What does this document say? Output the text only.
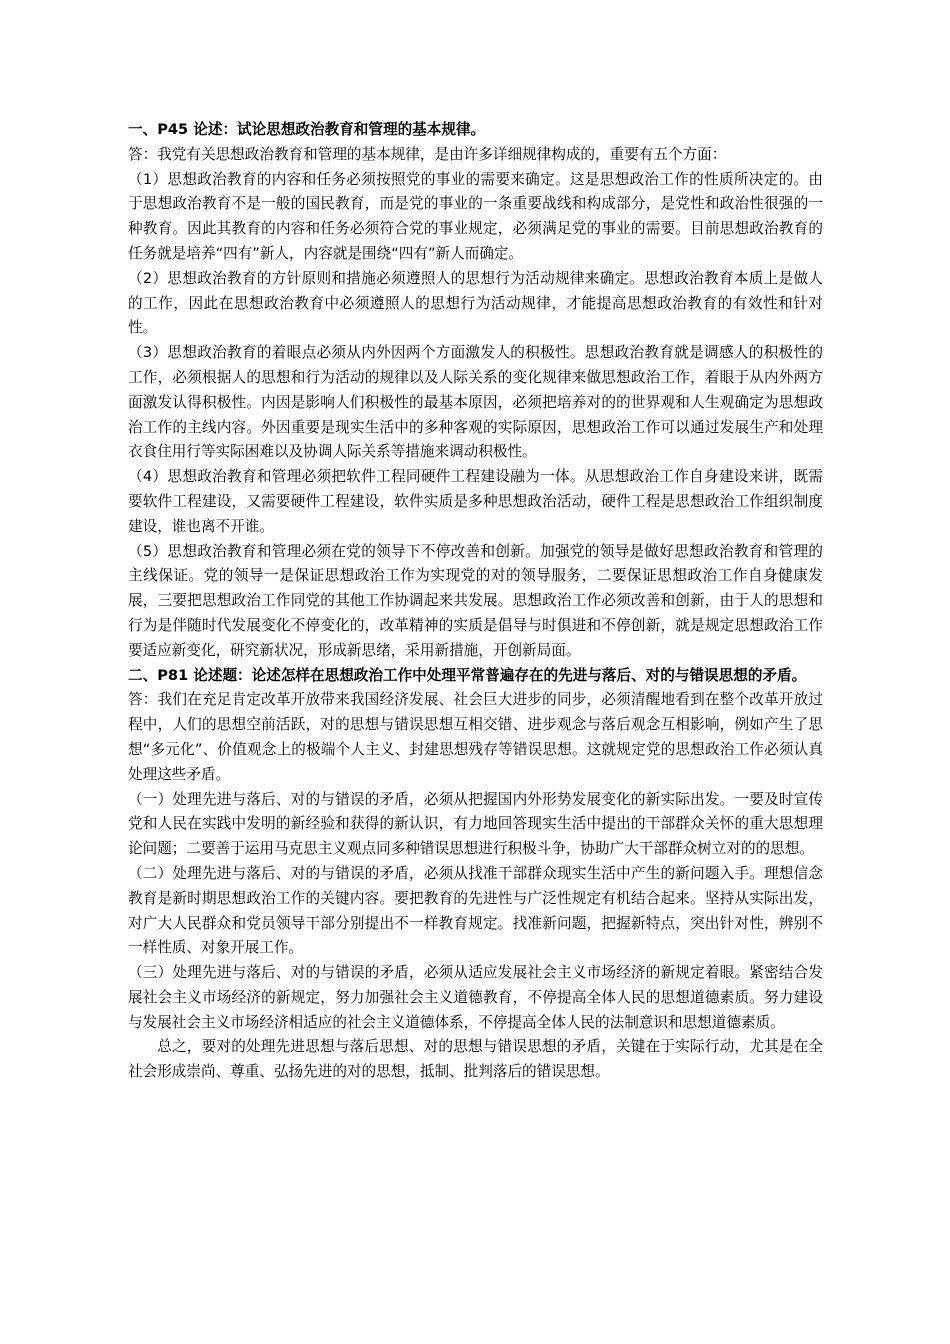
一、P45 论述：试论思想政治教育和管理的基本规律。

答：我党有关思想政治教育和管理的基本规律，是由许多详细规律构成的，重要有五个方面：

（1）思想政治教育的内容和任务必须按照党的事业的需要来确定。这是思想政治工作的性质所决定的。由于思想政治教育不是一般的国民教育，而是党的事业的一条重要战线和构成部分，是党性和政治性很强的一种教育。因此其教育的内容和任务必须符合党的事业规定，必须满足党的事业的需要。目前思想政治教育的任务就是培养“四有”新人，内容就是围绕“四有”新人而确定。

（2）思想政治教育的方针原则和措施必须遵照人的思想行为活动规律来确定。思想政治教育本质上是做人的工作，因此在思想政治教育中必须遵照人的思想行为活动规律，才能提高思想政治教育的有效性和针对性。

（3）思想政治教育的着眼点必须从内外因两个方面激发人的积极性。思想政治教育就是调感人的积极性的工作，必须根据人的思想和行为活动的规律以及人际关系的变化规律来做思想政治工作，着眼于从内外两方面激发认得积极性。内因是影响人们积极性的最基本原因，必须把培养对的的世界观和人生观确定为思想政治工作的主线内容。外因重要是现实生活中的多种客观的实际原因，思想政治工作可以通过发展生产和处理衣食住用行等实际困难以及协调人际关系等措施来调动积极性。

（4）思想政治教育和管理必须把软件工程同硬件工程建设融为一体。从思想政治工作自身建设来讲，既需要软件工程建设，又需要硬件工程建设，软件实质是多种思想政治活动，硬件工程是思想政治工作组织制度建设，谁也离不开谁。

（5）思想政治教育和管理必须在党的领导下不停改善和创新。加强党的领导是做好思想政治教育和管理的主线保证。党的领导一是保证思想政治工作为实现党的对的领导服务，二要保证思想政治工作自身健康发展，三要把思想政治工作同党的其他工作协调起来共发展。思想政治工作必须改善和创新，由于人的思想和行为是伴随时代发展变化不停变化的，改革精神的实质是倡导与时俱进和不停创新，就是规定思想政治工作要适应新变化，研究新状况，形成新思绪，采用新措施，开创新局面。

二、P81 论述题：论述怎样在思想政治工作中处理平常普遍存在的先进与落后、对的与错误思想的矛盾。

答：我们在充足肯定改革开放带来我国经济发展、社会巨大进步的同步，必须清醒地看到在整个改革开放过程中，人们的思想空前活跃，对的思想与错误思想互相交错、进步观念与落后观念互相影响，例如产生了思想“多元化”、价值观念上的极端个人主义、封建思想残存等错误思想。这就规定党的思想政治工作必须认真处理这些矛盾。

（一）处理先进与落后、对的与错误的矛盾，必须从把握国内外形势发展变化的新实际出发。一要及时宣传党和人民在实践中发明的新经验和获得的新认识，有力地回答现实生活中提出的干部群众关怀的重大思想理论问题；二要善于运用马克思主义观点同多种错误思想进行积极斗争，协助广大干部群众树立对的的思想。

（二）处理先进与落后、对的与错误的矛盾，必须从找准干部群众现实生活中产生的新问题入手。理想信念教育是新时期思想政治工作的关键内容。要把教育的先进性与广泛性规定有机结合起来。坚持从实际出发，对广大人民群众和党员领导干部分别提出不一样教育规定。找准新问题，把握新特点，突出针对性，辨别不一样性质、对象开展工作。

（三）处理先进与落后、对的与错误的矛盾，必须从适应发展社会主义市场经济的新规定着眼。紧密结合发展社会主义市场经济的新规定，努力加强社会主义道德教育，不停提高全体人民的思想道德素质。努力建设与发展社会主义市场经济相适应的社会主义道德体系，不停提高全体人民的法制意识和思想道德素质。

总之，要对的处理先进思想与落后思想、对的思想与错误思想的矛盾，关键在于实际行动，尤其是在全社会形成崇尚、尊重、弘扬先进的对的思想，抵制、批判落后的错误思想。
